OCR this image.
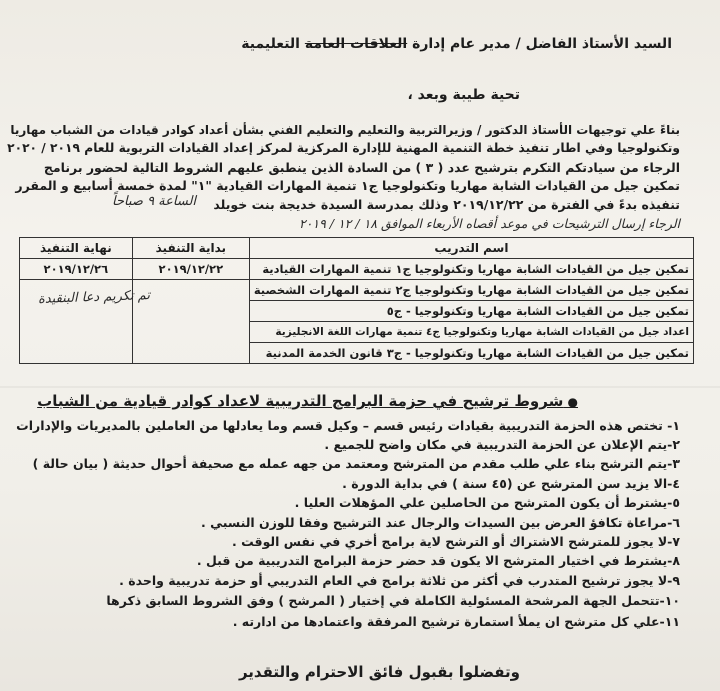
السيد الأستاذ الفاضل / مدير عام إدارة العلاقات العامة التعليمية
تحية طيبة وبعد ،
بناءً علي توجيهات الأستاذ الدكتور / وزيرالتربية والتعليم والتعليم الفني بشأن أعداد كوادر قيادات من الشباب مهاريا
وتكنولوجيا وفي اطار تنفيذ خطة التنمية المهنية للإدارة المركزية لمركز إعداد القيادات التربوية للعام ٢٠١٩ / ٢٠٢٠
الرجاء من سيادتكم التكرم بترشيح عدد ( ٣ ) من السادة الذين ينطبق عليهم الشروط التالية لحضور برنامج
تمكين جيل من القيادات الشابة مهاريا وتكنولوجيا ج١ تنمية المهارات القيادية "١" لمدة خمسة أسابيع و المقرر
تنفيذه بدءً في الفترة من ٢٠١٩/١٢/٢٢ وذلك بمدرسة السيدة خديجة بنت خويلد
الساعة ٩ صباحاً
الرجاء إرسال الترشيحات في موعد أقصاه الأربعاء الموافق ١٨ / ١٢ / ٢٠١٩
اسم التدريب	بداية التنفيذ	نهاية التنفيذ
تمكين جيل من القيادات الشابة مهاريا وتكنولوجيا ج١ تنمية المهارات القيادية	٢٠١٩/١٢/٢٢	٢٠١٩/١٢/٢٦
تمكين جيل من القيادات الشابة مهاريا وتكنولوجيا ج٢ تنمية المهارات الشخصية		
تمكين جيل من القيادات الشابة مهاريا وتكنولوجيا - ج٥		
اعداد جيل من القيادات الشابة مهاريا وتكنولوجيا ج٤ تنمية مهارات اللغة الانجليزية		
تمكين جيل من القيادات الشابة مهاريا وتكنولوجيا - ج٣ قانون الخدمة المدنية		
تم تكريم دعا البنقيدة
● شروط ترشيح في حزمة البرامج التدريبية لاعداد كوادر قيادية من الشباب
١- تختص هذه الحزمة التدريبية بقيادات رئيس قسم – وكيل قسم وما يعادلها من العاملين بالمديريات والإدارات
٢-يتم الإعلان عن الحزمة التدريبية في مكان واضح للجميع .
٣-يتم الترشح بناء علي طلب مقدم من المترشح ومعتمد من جهه عمله مع صحيفة أحوال حديثة ( بيان حالة )
٤-الا يزيد سن المترشح عن (٤٥ سنة ) في بداية الدورة .
٥-يشترط أن يكون المترشح من الحاصلين علي المؤهلات العليا .
٦-مراعاة تكافؤ العرض بين السيدات والرجال عند الترشيح وفقا للوزن النسبي .
٧-لا يجوز للمترشح الاشتراك أو الترشح لاية برامج أخري في نفس الوقت .
٨-يشترط في اختيار المترشح الا يكون قد حضر حزمة البرامج التدريبية من قبل .
٩-لا يجوز ترشيح المتدرب في أكثر من ثلاثة برامج في العام التدريبي أو حزمة تدريبية واحدة .
١٠-تتحمل الجهة المرشحة المسئولية الكاملة في إختيار ( المرشح ) وفق الشروط السابق ذكرها
١١-علي كل مترشح ان يملأ استمارة ترشيح المرفقة واعتمادها من ادارته .
وتفضلوا بقبول فائق الاحترام والتقدير
